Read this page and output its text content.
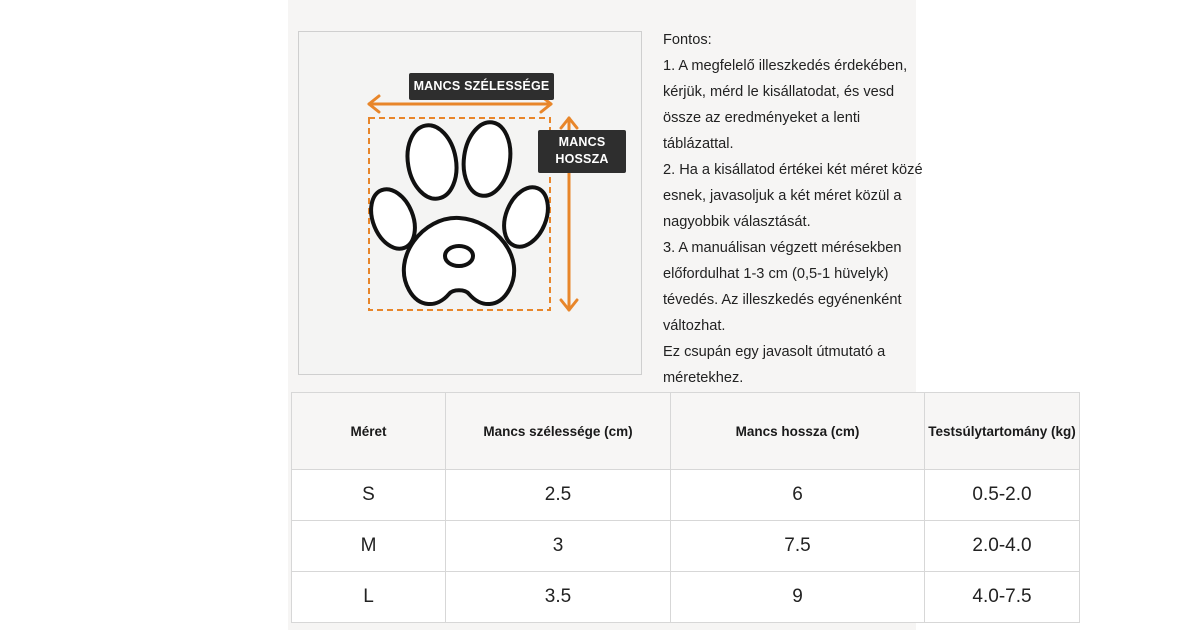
MANCS SZÉLESSÉGE
MANCS
HOSSZA

Fontos:

1. A megfelelő illeszkedés érdekében, kérjük, mérd le kisállatodat, és vesd össze az eredményeket a lenti táblázattal.

2. Ha a kisállatod értékei két méret közé esnek, javasoljuk a két méret közül a nagyobbik választását.

3. A manuálisan végzett mérésekben előfordulhat 1-3 cm (0,5-1 hüvelyk) tévedés. Az illeszkedés egyénenként változhat.

Ez csupán egy javasolt útmutató a méretekhez.

Méret	Mancs szélessége (cm)	Mancs hossza (cm)	Testsúlytartomány (kg)
S	2.5	6	0.5-2.0
M	3	7.5	2.0-4.0
L	3.5	9	4.0-7.5
